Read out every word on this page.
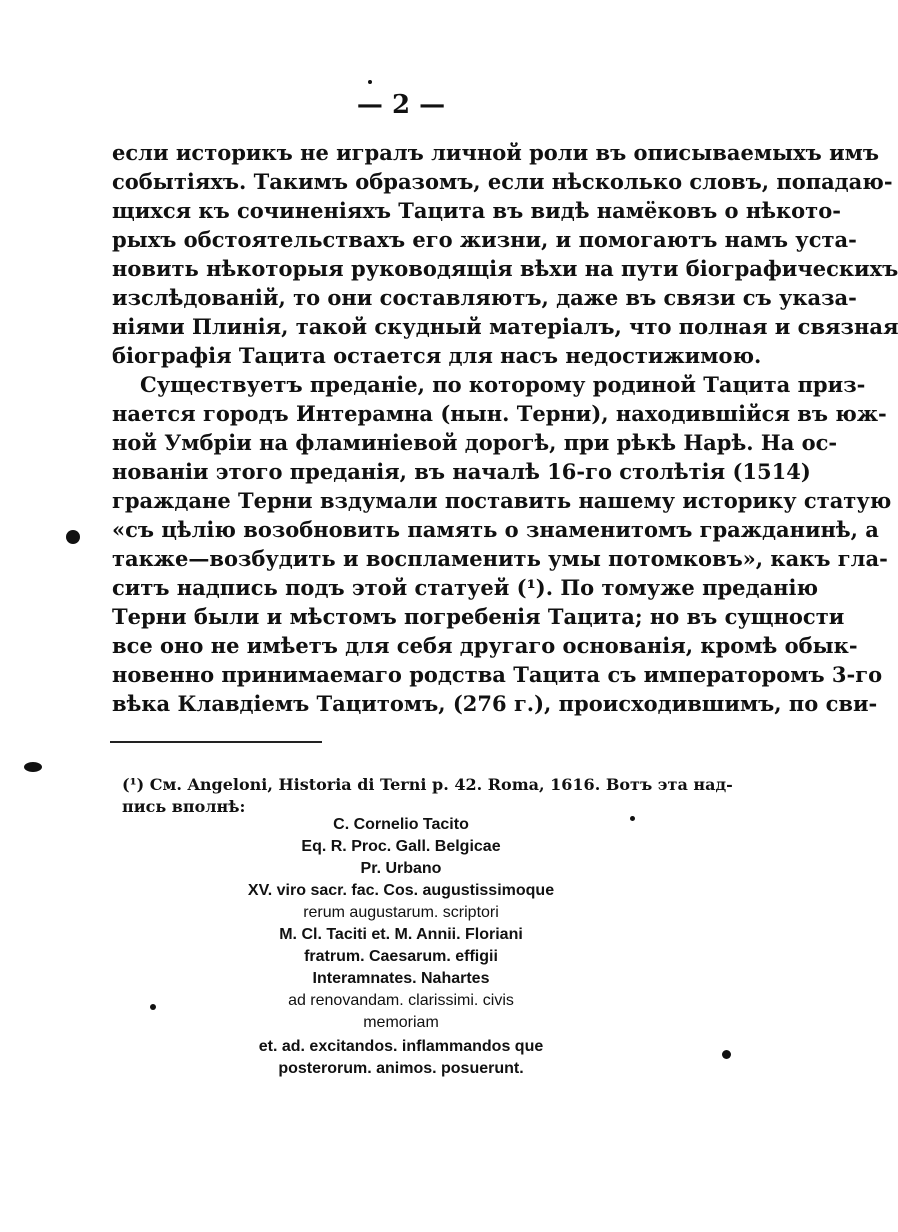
— 2 —
если историкъ не игралъ личной роли въ описываемыхъ имъ
событіяхъ. Такимъ образомъ, если нѣсколько словъ, попадаю-
щихся къ сочиненіяхъ Тацита въ видѣ намёковъ о нѣкото-
рыхъ обстоятельствахъ его жизни, и помогаютъ намъ уста-
новить нѣкоторыя руководящія вѣхи на пути біографическихъ
изслѣдованій, то они составляютъ, даже въ связи съ указа-
ніями Плинія, такой скудный матеріалъ, что полная и связная
біографія Тацита остается для насъ недостижимою.
Существуетъ преданіе, по которому родиной Тацита приз-
нается городъ Интерамна (нын. Терни), находившійся въ юж-
ной Умбріи на фламиніевой дорогѣ, при рѣкѣ Нарѣ. На ос-
нованіи этого преданія, въ началѣ 16-го столѣтія (1514)
граждане Терни вздумали поставить нашему историку статую
«съ цѣлію возобновить память о знаменитомъ гражданинѣ, а
также—возбудить и воспламенить умы потомковъ», какъ гла-
ситъ надпись подъ этой статуей (¹). По томуже преданію
Терни были и мѣстомъ погребенія Тацита; но въ сущности
все оно не имѣетъ для себя другаго основанія, кромѣ обык-
новенно принимаемаго родства Тацита съ императоромъ 3-го
вѣка Клавдіемъ Тацитомъ, (276 г.), происходившимъ, по сви-
(¹) См. Angeloni, Historia di Terni p. 42. Roma, 1616. Вотъ эта над-
пись вполнѣ:
C. Cornelio Tacito
Eq. R. Proc. Gall. Belgicae
Pr. Urbano
XV. viro sacr. fac. Cos. augustissimoque
rerum augustarum. scriptori
M. Cl. Taciti et. M. Annii. Floriani
fratrum. Caesarum. effigii
Interamnates. Nahartes
ad renovandam. clarissimi. civis
memoriam
et. ad. excitandos. inflammandos que
posterorum. animos. posuerunt.
